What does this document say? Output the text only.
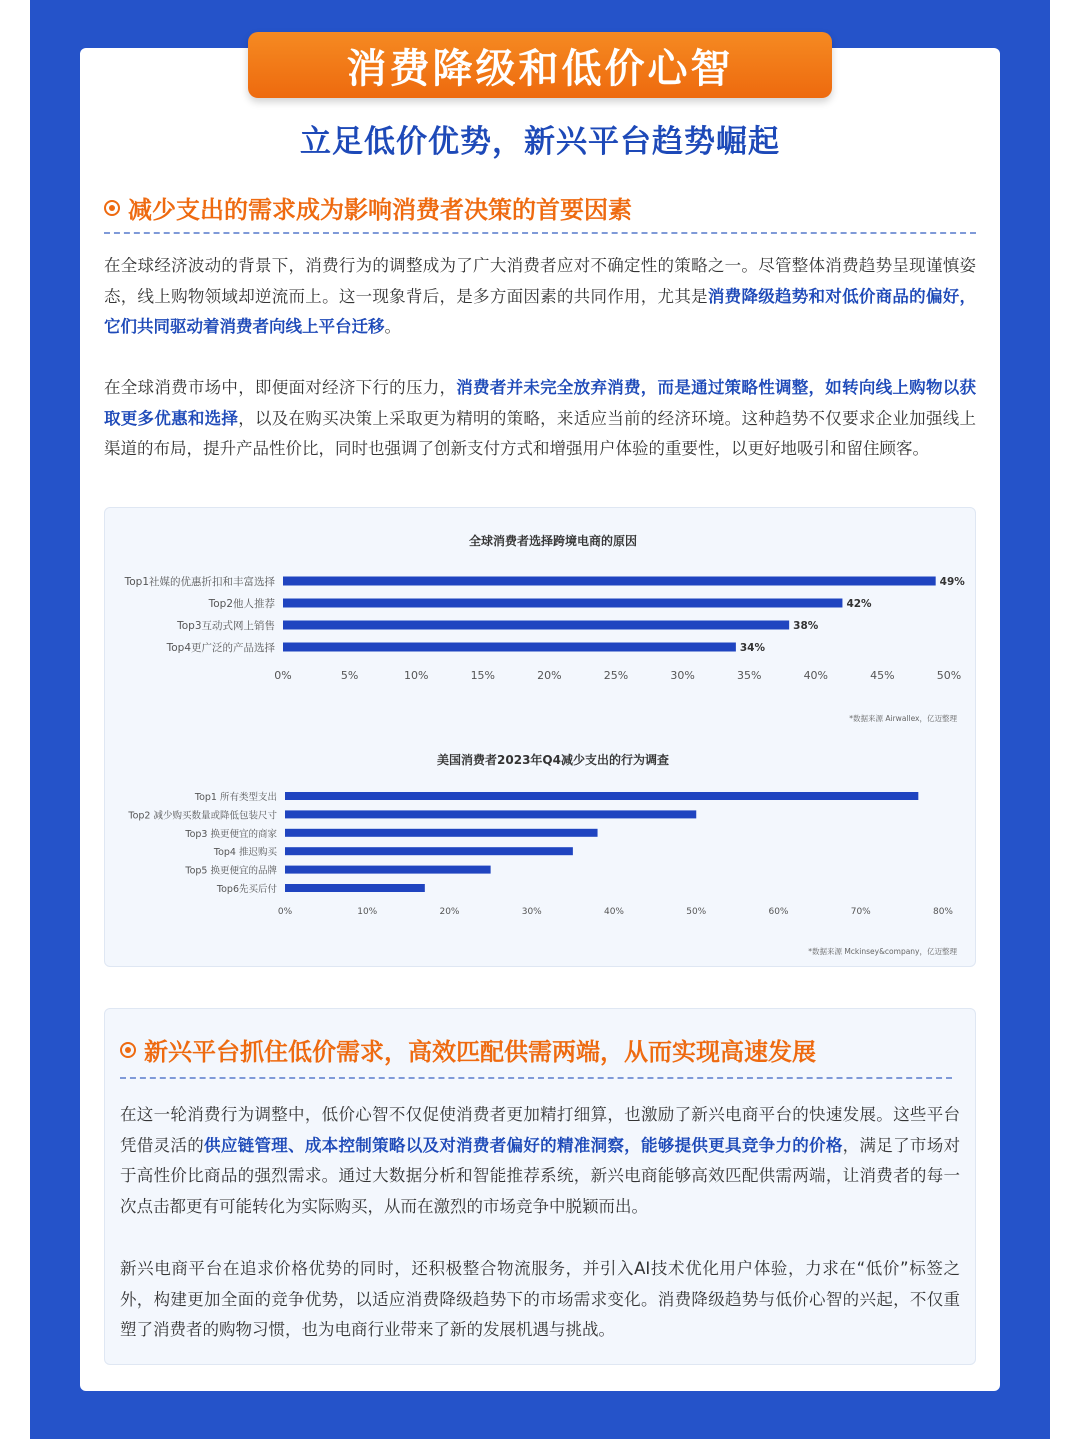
消费降级和低价心智
立足低价优势，新兴平台趋势崛起
减少支出的需求成为影响消费者决策的首要因素
在全球经济波动的背景下，消费行为的调整成为了广大消费者应对不确定性的策略之一。尽管整体消费趋势呈现谨慎姿态，线上购物领域却逆流而上。这一现象背后，是多方面因素的共同作用，尤其是消费降级趋势和对低价商品的偏好，它们共同驱动着消费者向线上平台迁移。
在全球消费市场中，即便面对经济下行的压力，消费者并未完全放弃消费，而是通过策略性调整，如转向线上购物以获取更多优惠和选择，以及在购买决策上采取更为精明的策略，来适应当前的经济环境。这种趋势不仅要求企业加强线上渠道的布局，提升产品性价比，同时也强调了创新支付方式和增强用户体验的重要性，以更好地吸引和留住顾客。
全球消费者选择跨境电商的原因
Top1社媒的优惠折扣和丰富选择	49%
Top2他人推荐	42%
Top3互动式网上销售	38%
Top4更广泛的产品选择	34%
0%	5%	10%	15%	20%	25%	30%	35%	40%	45%	50%
*数据来源 Airwallex，亿迈整理
美国消费者2023年Q4减少支出的行为调查
Top1 所有类型支出
Top2 减少购买数量或降低包装尺寸
Top3 换更便宜的商家
Top4 推迟购买
Top5 换更便宜的品牌
Top6先买后付
0%	10%	20%	30%	40%	50%	60%	70%	80%
*数据来源 Mckinsey&company，亿迈整理
新兴平台抓住低价需求，高效匹配供需两端，从而实现高速发展
在这一轮消费行为调整中，低价心智不仅促使消费者更加精打细算，也激励了新兴电商平台的快速发展。这些平台凭借灵活的供应链管理、成本控制策略以及对消费者偏好的精准洞察，能够提供更具竞争力的价格，满足了市场对于高性价比商品的强烈需求。通过大数据分析和智能推荐系统，新兴电商能够高效匹配供需两端，让消费者的每一次点击都更有可能转化为实际购买，从而在激烈的市场竞争中脱颖而出。
新兴电商平台在追求价格优势的同时，还积极整合物流服务，并引入AI技术优化用户体验，力求在“低价”标签之外，构建更加全面的竞争优势，以适应消费降级趋势下的市场需求变化。消费降级趋势与低价心智的兴起，不仅重塑了消费者的购物习惯，也为电商行业带来了新的发展机遇与挑战。
